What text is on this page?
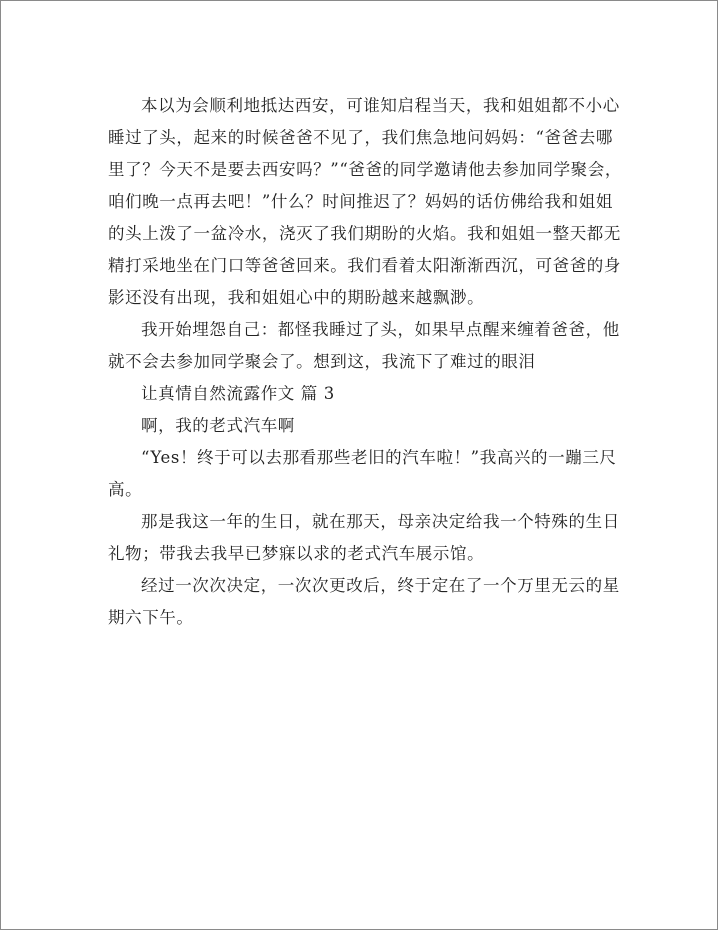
本以为会顺利地抵达西安，可谁知启程当天，我和姐姐都不小心睡过了头，起来的时候爸爸不见了，我们焦急地问妈妈：“爸爸去哪里了？今天不是要去西安吗？”“爸爸的同学邀请他去参加同学聚会，咱们晚一点再去吧！”什么？时间推迟了？妈妈的话仿佛给我和姐姐的头上泼了一盆冷水，浇灭了我们期盼的火焰。我和姐姐一整天都无精打采地坐在门口等爸爸回来。我们看着太阳渐渐西沉，可爸爸的身影还没有出现，我和姐姐心中的期盼越来越飘渺。

我开始埋怨自己：都怪我睡过了头，如果早点醒来缠着爸爸，他就不会去参加同学聚会了。想到这，我流下了难过的眼泪

让真情自然流露作文 篇 3

啊，我的老式汽车啊

“Yes！终于可以去那看那些老旧的汽车啦！”我高兴的一蹦三尺高。

那是我这一年的生日，就在那天，母亲决定给我一个特殊的生日礼物；带我去我早已梦寐以求的老式汽车展示馆。

经过一次次决定，一次次更改后，终于定在了一个万里无云的星期六下午。
